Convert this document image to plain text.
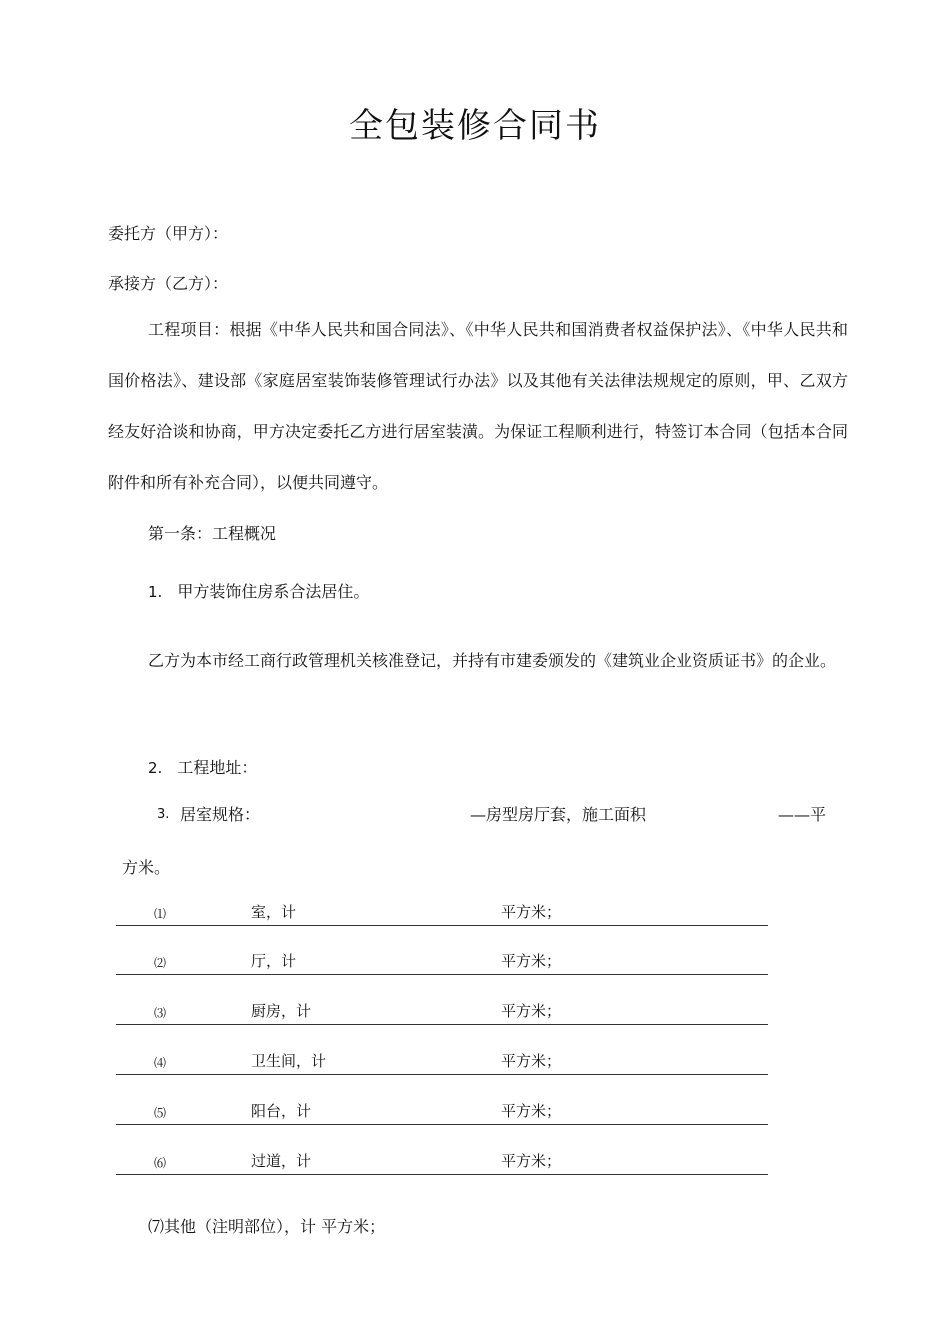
全包装修合同书
委托方（甲方）：
承接方（乙方）：

工程项目：根据《中华人民共和国合同法》、《中华人民共和国消费者权益保护法》、《中华人民共和国价格法》、建设部《家庭居室装饰装修管理试行办法》以及其他有关法律法规规定的原则，甲、乙双方经友好洽谈和协商，甲方决定委托乙方进行居室装潢。为保证工程顺利进行，特签订本合同（包括本合同附件和所有补充合同），以便共同遵守。

第一条：工程概况
1. 甲方装饰住房系合法居住。

乙方为本市经工商行政管理机关核准登记，并持有市建委颁发的《建筑业企业资质证书》的企业。

2. 工程地址：
3. 居室规格：	—房型房厅套，施工面积	——平
方米。
⑴	室，计	平方米；
⑵	厅，计	平方米；
⑶	厨房，计	平方米；
⑷	卫生间，计	平方米；
⑸	阳台，计	平方米；
⑹	过道，计	平方米；
⑺其他（注明部位），计 平方米；
